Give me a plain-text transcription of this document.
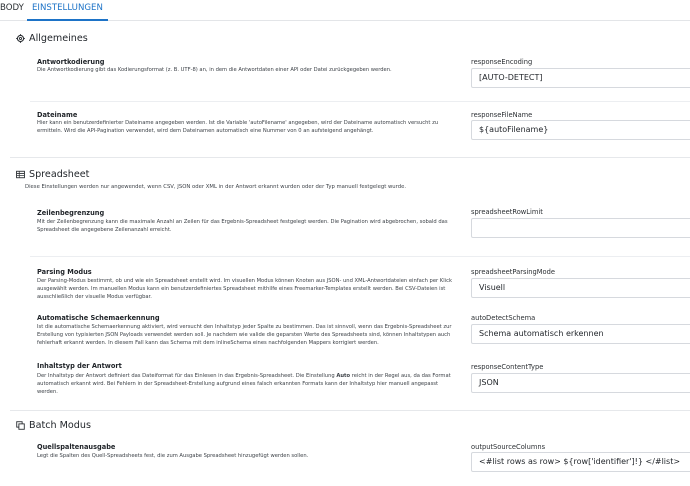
BODY EINSTELLUNGEN
Allgemeines
Antwortkodierung
Die Antwortkodierung gibt das Kodierungsformat (z. B. UTF-8) an, in dem die Antwortdaten einer API oder Datei zurückgegeben werden.
responseEncoding
[AUTO-DETECT]
Dateiname
Hier kann ein benutzerdefinierter Dateiname angegeben werden. Ist die Variable 'autoFilename' angegeben, wird der Dateiname automatisch versucht zu ermitteln. Wird die API-Pagination verwendet, wird dem Dateinamen automatisch eine Nummer von 0 an aufsteigend angehängt.
responseFileName
${autoFilename}
Spreadsheet
Diese Einstellungen werden nur angewendet, wenn CSV, JSON oder XML in der Antwort erkannt wurden oder der Typ manuell festgelegt wurde.
Zeilenbegrenzung
Mit der Zeilenbegrenzung kann die maximale Anzahl an Zeilen für das Ergebnis-Spreadsheet festgelegt werden. Die Pagination wird abgebrochen, sobald das Spreadsheet die angegebene Zeilenanzahl erreicht.
spreadsheetRowLimit
Parsing Modus
Der Parsing-Modus bestimmt, ob und wie ein Spreadsheet erstellt wird. Im visuellen Modus können Knoten aus JSON- und XML-Antwortdateien einfach per Klick ausgewählt werden. Im manuellen Modus kann ein benutzerdefiniertes Spreadsheet mithilfe eines Freemarker-Templates erstellt werden. Bei CSV-Dateien ist ausschließlich der visuelle Modus verfügbar.
spreadsheetParsingMode
Visuell
Automatische Schemaerkennung
Ist die automatische Schemaerkennung aktiviert, wird versucht den Inhaltstyp jeder Spalte zu bestimmen. Das ist sinnvoll, wenn das Ergebnis-Spreadsheet zur Erstellung von typisierten JSON Payloads verwendet werden soll. Je nachdem wie valide die geparsten Werte des Spreadsheets sind, können Inhaltstypen auch fehlerhaft erkannt werden. In diesem Fall kann das Schema mit dem inlineSchema eines nachfolgenden Mappers korrigiert werden.
autoDetectSchema
Schema automatisch erkennen
Inhaltstyp der Antwort
Der Inhaltstyp der Antwort definiert das Dateiformat für das Einlesen in das Ergebnis-Spreadsheet. Die Einstellung Auto reicht in der Regel aus, da das Format automatisch erkannt wird. Bei Fehlern in der Spreadsheet-Erstellung aufgrund eines falsch erkannten Formats kann der Inhaltstyp hier manuell angepasst werden.
responseContentType
JSON
Batch Modus
Quellspaltenausgabe
Legt die Spalten des Quell-Spreadsheets fest, die zum Ausgabe Spreadsheet hinzugefügt werden sollen.
outputSourceColumns
<#list rows as row> ${row['identifier']!} </#list>
